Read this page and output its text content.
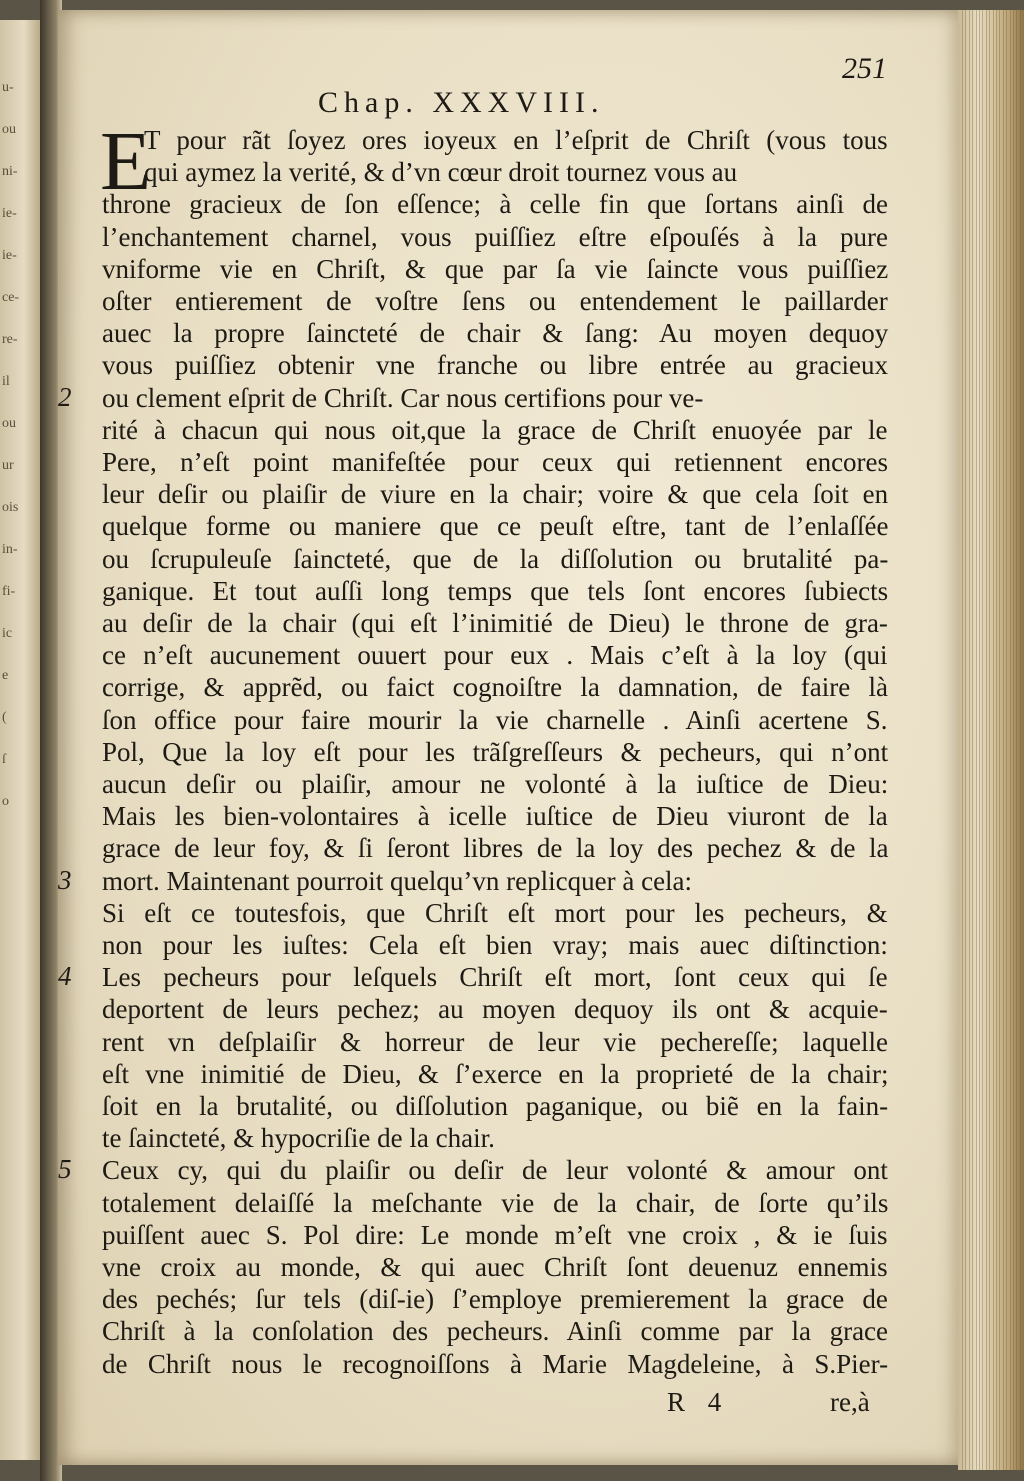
u-
ou
ni-
ie-
ie-
ce-
re-
il
ou
ur
ois
in-
fi-
ic
e
(
ſ
o
251
Chap. XXXVIII.
E
T pour rãt ſoyez ores ioyeux en l’eſprit de Chriſt (vous tous
qui aymez la verité, & d’vn cœur droit tournez vous au
throne gracieux de ſon eſſence; à celle fin que ſortans ainſi de
l’enchantement charnel, vous puiſſiez eſtre eſpouſés à la pure
vniforme vie en Chriſt, & que par ſa vie ſaincte vous puiſſiez
oſter entierement de voſtre ſens ou entendement le paillarder
auec la propre ſaincteté de chair & ſang: Au moyen dequoy
vous puiſſiez obtenir vne franche ou libre entrée au gracieux
ou clement eſprit de Chriſt. Car nous certifions pour ve-
rité à chacun qui nous oit,que la grace de Chriſt enuoyée par le
Pere, n’eſt point manifeſtée pour ceux qui retiennent encores
leur deſir ou plaiſir de viure en la chair; voire & que cela ſoit en
quelque forme ou maniere que ce peuſt eſtre, tant de l’enlaſſée
ou ſcrupuleuſe ſaincteté, que de la diſſolution ou brutalité pa-
ganique. Et tout auſſi long temps que tels ſont encores ſubiects
au deſir de la chair (qui eſt l’inimitié de Dieu) le throne de gra-
ce n’eſt aucunement ouuert pour eux . Mais c’eſt à la loy (qui
corrige, & apprẽd, ou faict cognoiſtre la damnation, de faire là
ſon office pour faire mourir la vie charnelle . Ainſi acertene S.
Pol, Que la loy eſt pour les trãſgreſſeurs & pecheurs, qui n’ont
aucun deſir ou plaiſir, amour ne volonté à la iuſtice de Dieu:
Mais les bien-volontaires à icelle iuſtice de Dieu viuront de la
grace de leur foy, & ſi ſeront libres de la loy des pechez & de la
mort. Maintenant pourroit quelqu’vn replicquer à cela:
Si eſt ce toutesfois, que Chriſt eſt mort pour les pecheurs, &
non pour les iuſtes: Cela eſt bien vray; mais auec diſtinction:
Les pecheurs pour leſquels Chriſt eſt mort, ſont ceux qui ſe
deportent de leurs pechez; au moyen dequoy ils ont & acquie-
rent vn deſplaiſir & horreur de leur vie pechereſſe; laquelle
eſt vne inimitié de Dieu, & ſ’exerce en la proprieté de la chair;
ſoit en la brutalité, ou diſſolution paganique, ou biẽ en la fain-
te ſaincteté, & hypocriſie de la chair.
Ceux cy, qui du plaiſir ou deſir de leur volonté & amour ont
totalement delaiſſé la meſchante vie de la chair, de ſorte qu’ils
puiſſent auec S. Pol dire: Le monde m’eſt vne croix , & ie ſuis
vne croix au monde, & qui auec Chriſt ſont deuenuz ennemis
des pechés; ſur tels (diſ-ie) ſ’employe premierement la grace de
Chriſt à la conſolation des pecheurs. Ainſi comme par la grace
de Chriſt nous le recognoiſſons à Marie Magdeleine, à S.Pier-
2
3
4
5
R 4	re,à
